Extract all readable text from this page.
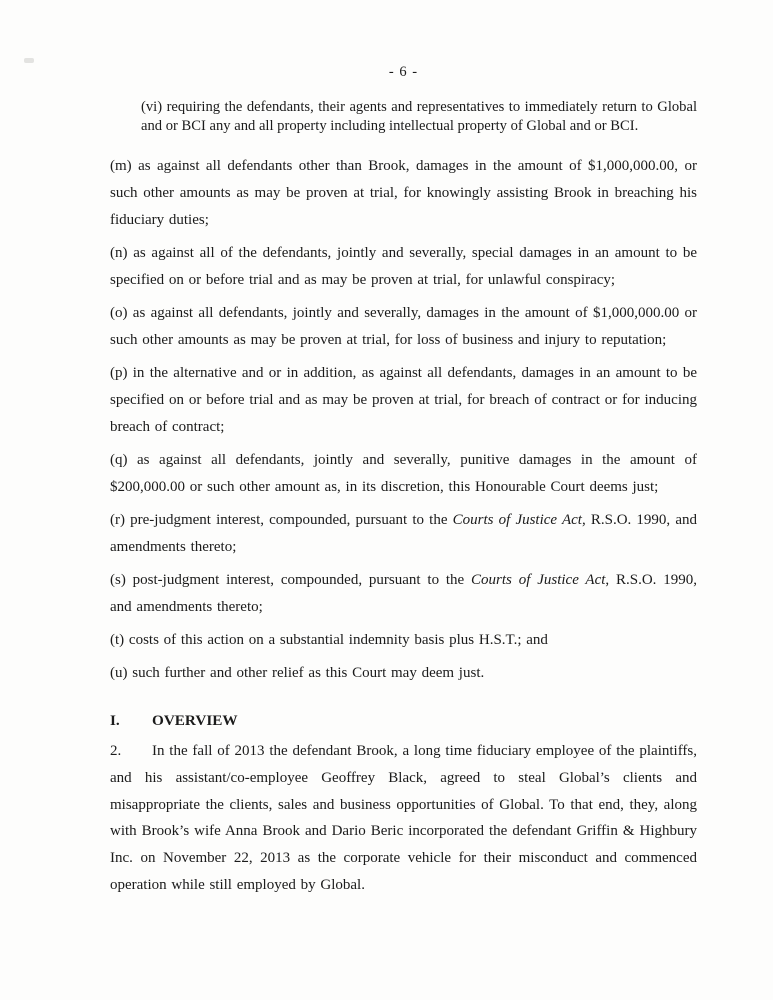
- 6 -

(vi) requiring the defendants, their agents and representatives to immediately return to Global and or BCI any and all property including intellectual property of Global and or BCI.

(m) as against all defendants other than Brook, damages in the amount of $1,000,000.00, or such other amounts as may be proven at trial, for knowingly assisting Brook in breaching his fiduciary duties;

(n) as against all of the defendants, jointly and severally, special damages in an amount to be specified on or before trial and as may be proven at trial, for unlawful conspiracy;

(o) as against all defendants, jointly and severally, damages in the amount of $1,000,000.00 or such other amounts as may be proven at trial, for loss of business and injury to reputation;

(p) in the alternative and or in addition, as against all defendants, damages in an amount to be specified on or before trial and as may be proven at trial, for breach of contract or for inducing breach of contract;

(q) as against all defendants, jointly and severally, punitive damages in the amount of $200,000.00 or such other amount as, in its discretion, this Honourable Court deems just;

(r) pre-judgment interest, compounded, pursuant to the Courts of Justice Act, R.S.O. 1990, and amendments thereto;

(s) post-judgment interest, compounded, pursuant to the Courts of Justice Act, R.S.O. 1990, and amendments thereto;

(t) costs of this action on a substantial indemnity basis plus H.S.T.; and

(u) such further and other relief as this Court may deem just.

I. OVERVIEW

2. In the fall of 2013 the defendant Brook, a long time fiduciary employee of the plaintiffs, and his assistant/co-employee Geoffrey Black, agreed to steal Global’s clients and misappropriate the clients, sales and business opportunities of Global. To that end, they, along with Brook’s wife Anna Brook and Dario Beric incorporated the defendant Griffin & Highbury Inc. on November 22, 2013 as the corporate vehicle for their misconduct and commenced operation while still employed by Global.
